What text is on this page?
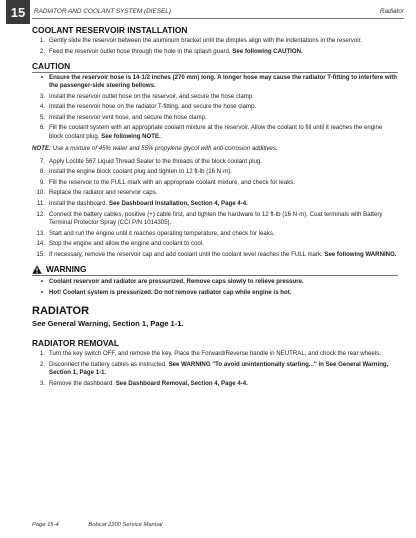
15	RADIATOR AND COOLANT SYSTEM (DIESEL)	Radiator
COOLANT RESERVOIR INSTALLATION
1. Gently slide the reservoir between the aluminum bracket until the dimples align with the indentations in the reservoir.
2. Feed the reservoir outlet hose through the hole in the splash guard. See following CAUTION.
CAUTION
• Ensure the reservoir hose is 14-1/2 inches (270 mm) long. A longer hose may cause the radiator T-fitting to interfere with the passenger-side steering bellows.
3. Install the reservoir outlet hose on the reservoir, and secure the hose clamp.
4. Install the reservoir hose on the radiator T-fitting, and secure the hose clamp.
5. Install the reservoir vent hose, and secure the hose clamp.
6. Fill the coolant system with an appropriate coolant mixture at the reservoir. Allow the coolant to fill until it reaches the engine block coolant plug. See following NOTE.
NOTE: Use a mixture of 45% water and 55% propylene glycol with anti-corrosion additives.
7. Apply Loctite 567 Liquid Thread Sealer to the threads of the block coolant plug.
8. Install the engine block coolant plug and tighten to 12 ft-lb (16 N·m).
9. Fill the reservoir to the FULL mark with an appropriate coolant mixture, and check for leaks.
10. Replace the radiator and reservoir caps.
11. Install the dashboard. See Dashboard Installation, Section 4, Page 4-4.
12. Connect the battery cables, positive (+) cable first, and tighten the hardware to 12 ft-lb (16 N·m). Coat terminals with Battery Terminal Protector Spray (CCI P/N 1014305).
13. Start and run the engine until it reaches operating temperature, and check for leaks.
14. Stop the engine and allow the engine and coolant to cool.
15. If necessary, remove the reservoir cap and add coolant until the coolant level reaches the FULL mark. See following WARNING.
WARNING
• Coolant reservoir and radiator are pressurized. Remove caps slowly to relieve pressure.
• Hot! Coolant system is pressurized. Do not remove radiator cap while engine is hot.
RADIATOR
See General Warning, Section 1, Page 1-1.
RADIATOR REMOVAL
1. Turn the key switch OFF, and remove the key. Place the Forward/Reverse handle in NEUTRAL, and chock the rear wheels.
2. Disconnect the battery cables as instructed. See WARNING "To avoid unintentionally starting..." in See General Warning, Section 1, Page 1-1.
3. Remove the dashboard. See Dashboard Removal, Section 4, Page 4-4.
Page 15-4	Bobcat 2200 Service Manual
